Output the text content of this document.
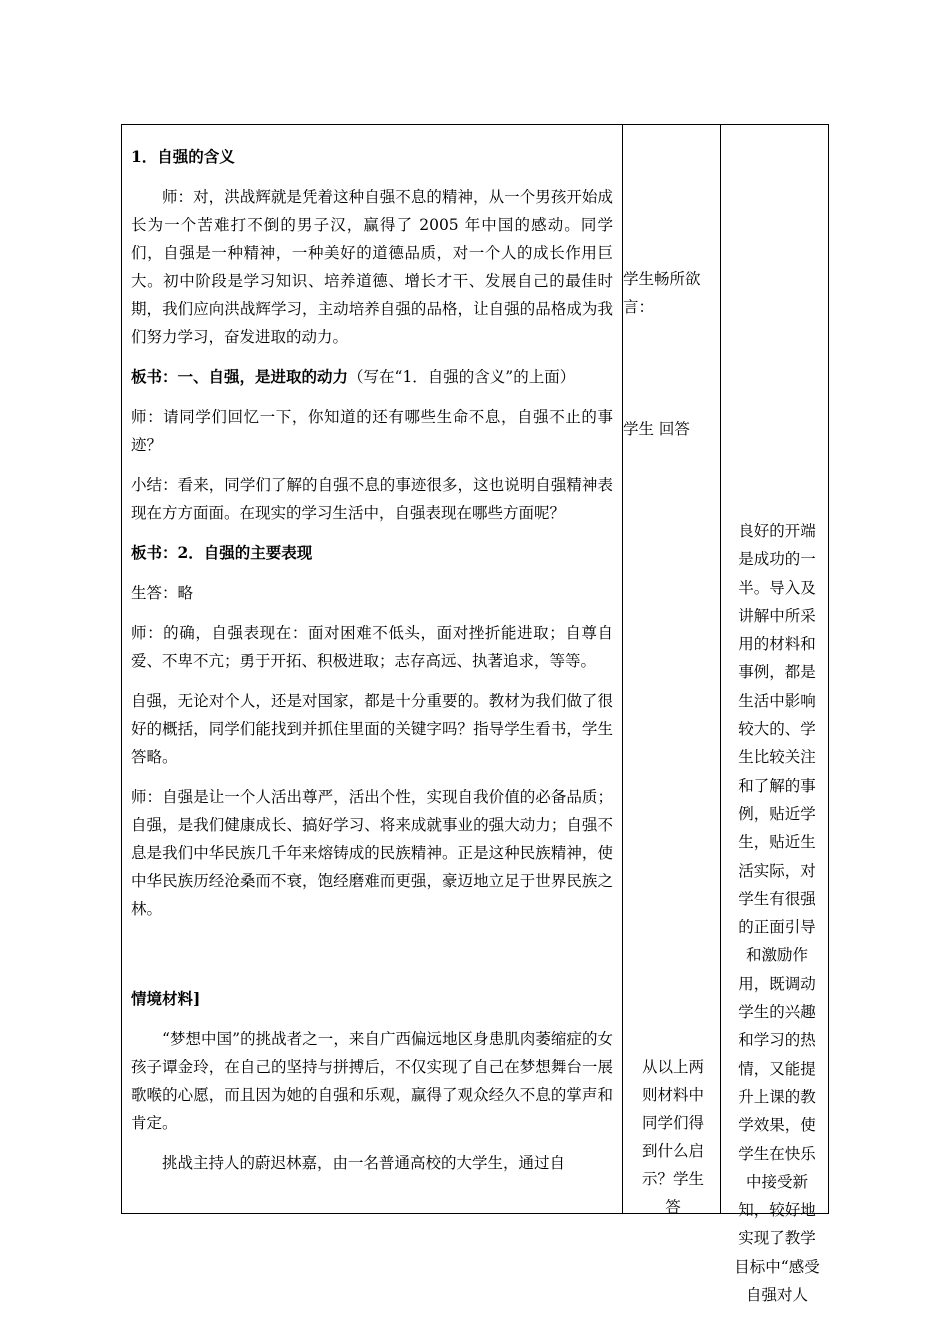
1．自强的含义

师：对，洪战辉就是凭着这种自强不息的精神，从一个男孩开始成长为一个苦难打不倒的男子汉，赢得了 2005 年中国的感动。同学们，自强是一种精神，一种美好的道德品质，对一个人的成长作用巨大。初中阶段是学习知识、培养道德、增长才干、发展自己的最佳时期，我们应向洪战辉学习，主动培养自强的品格，让自强的品格成为我们努力学习，奋发进取的动力。

板书：一、自强，是进取的动力（写在“1．自强的含义”的上面）

师：请同学们回忆一下，你知道的还有哪些生命不息，自强不止的事迹？

小结：看来，同学们了解的自强不息的事迹很多，这也说明自强精神表现在方方面面。在现实的学习生活中，自强表现在哪些方面呢？

板书：2．自强的主要表现

生答：略

师：的确，自强表现在：面对困难不低头，面对挫折能进取；自尊自爱、不卑不亢；勇于开拓、积极进取；志存高远、执著追求，等等。

自强，无论对个人，还是对国家，都是十分重要的。教材为我们做了很好的概括，同学们能找到并抓住里面的关键字吗？指导学生看书，学生答略。

师：自强是让一个人活出尊严，活出个性，实现自我价值的必备品质；自强，是我们健康成长、搞好学习、将来成就事业的强大动力；自强不息是我们中华民族几千年来熔铸成的民族精神。正是这种民族精神，使中华民族历经沧桑而不衰，饱经磨难而更强，豪迈地立足于世界民族之林。

情境材料]

“梦想中国”的挑战者之一，来自广西偏远地区身患肌肉萎缩症的女孩子谭金玲，在自己的坚持与拼搏后，不仅实现了自己在梦想舞台一展歌喉的心愿，而且因为她的自强和乐观，赢得了观众经久不息的掌声和肯定。

挑战主持人的蔚迟林嘉，由一名普通高校的大学生，通过自

学生畅所欲言：
学生 回答
从以上两则材料中同学们得到什么启示？学生答
良好的开端是成功的一半。导入及讲解中所采用的材料和事例，都是生活中影响较大的、学生比较关注和了解的事例，贴近学生，贴近生活实际，对学生有很强的正面引导和激励作用，既调动学生的兴趣和学习的热情，又能提升上课的教学效果，使学生在快乐中接受新知，较好地实现了教学目标中“感受自强对人
